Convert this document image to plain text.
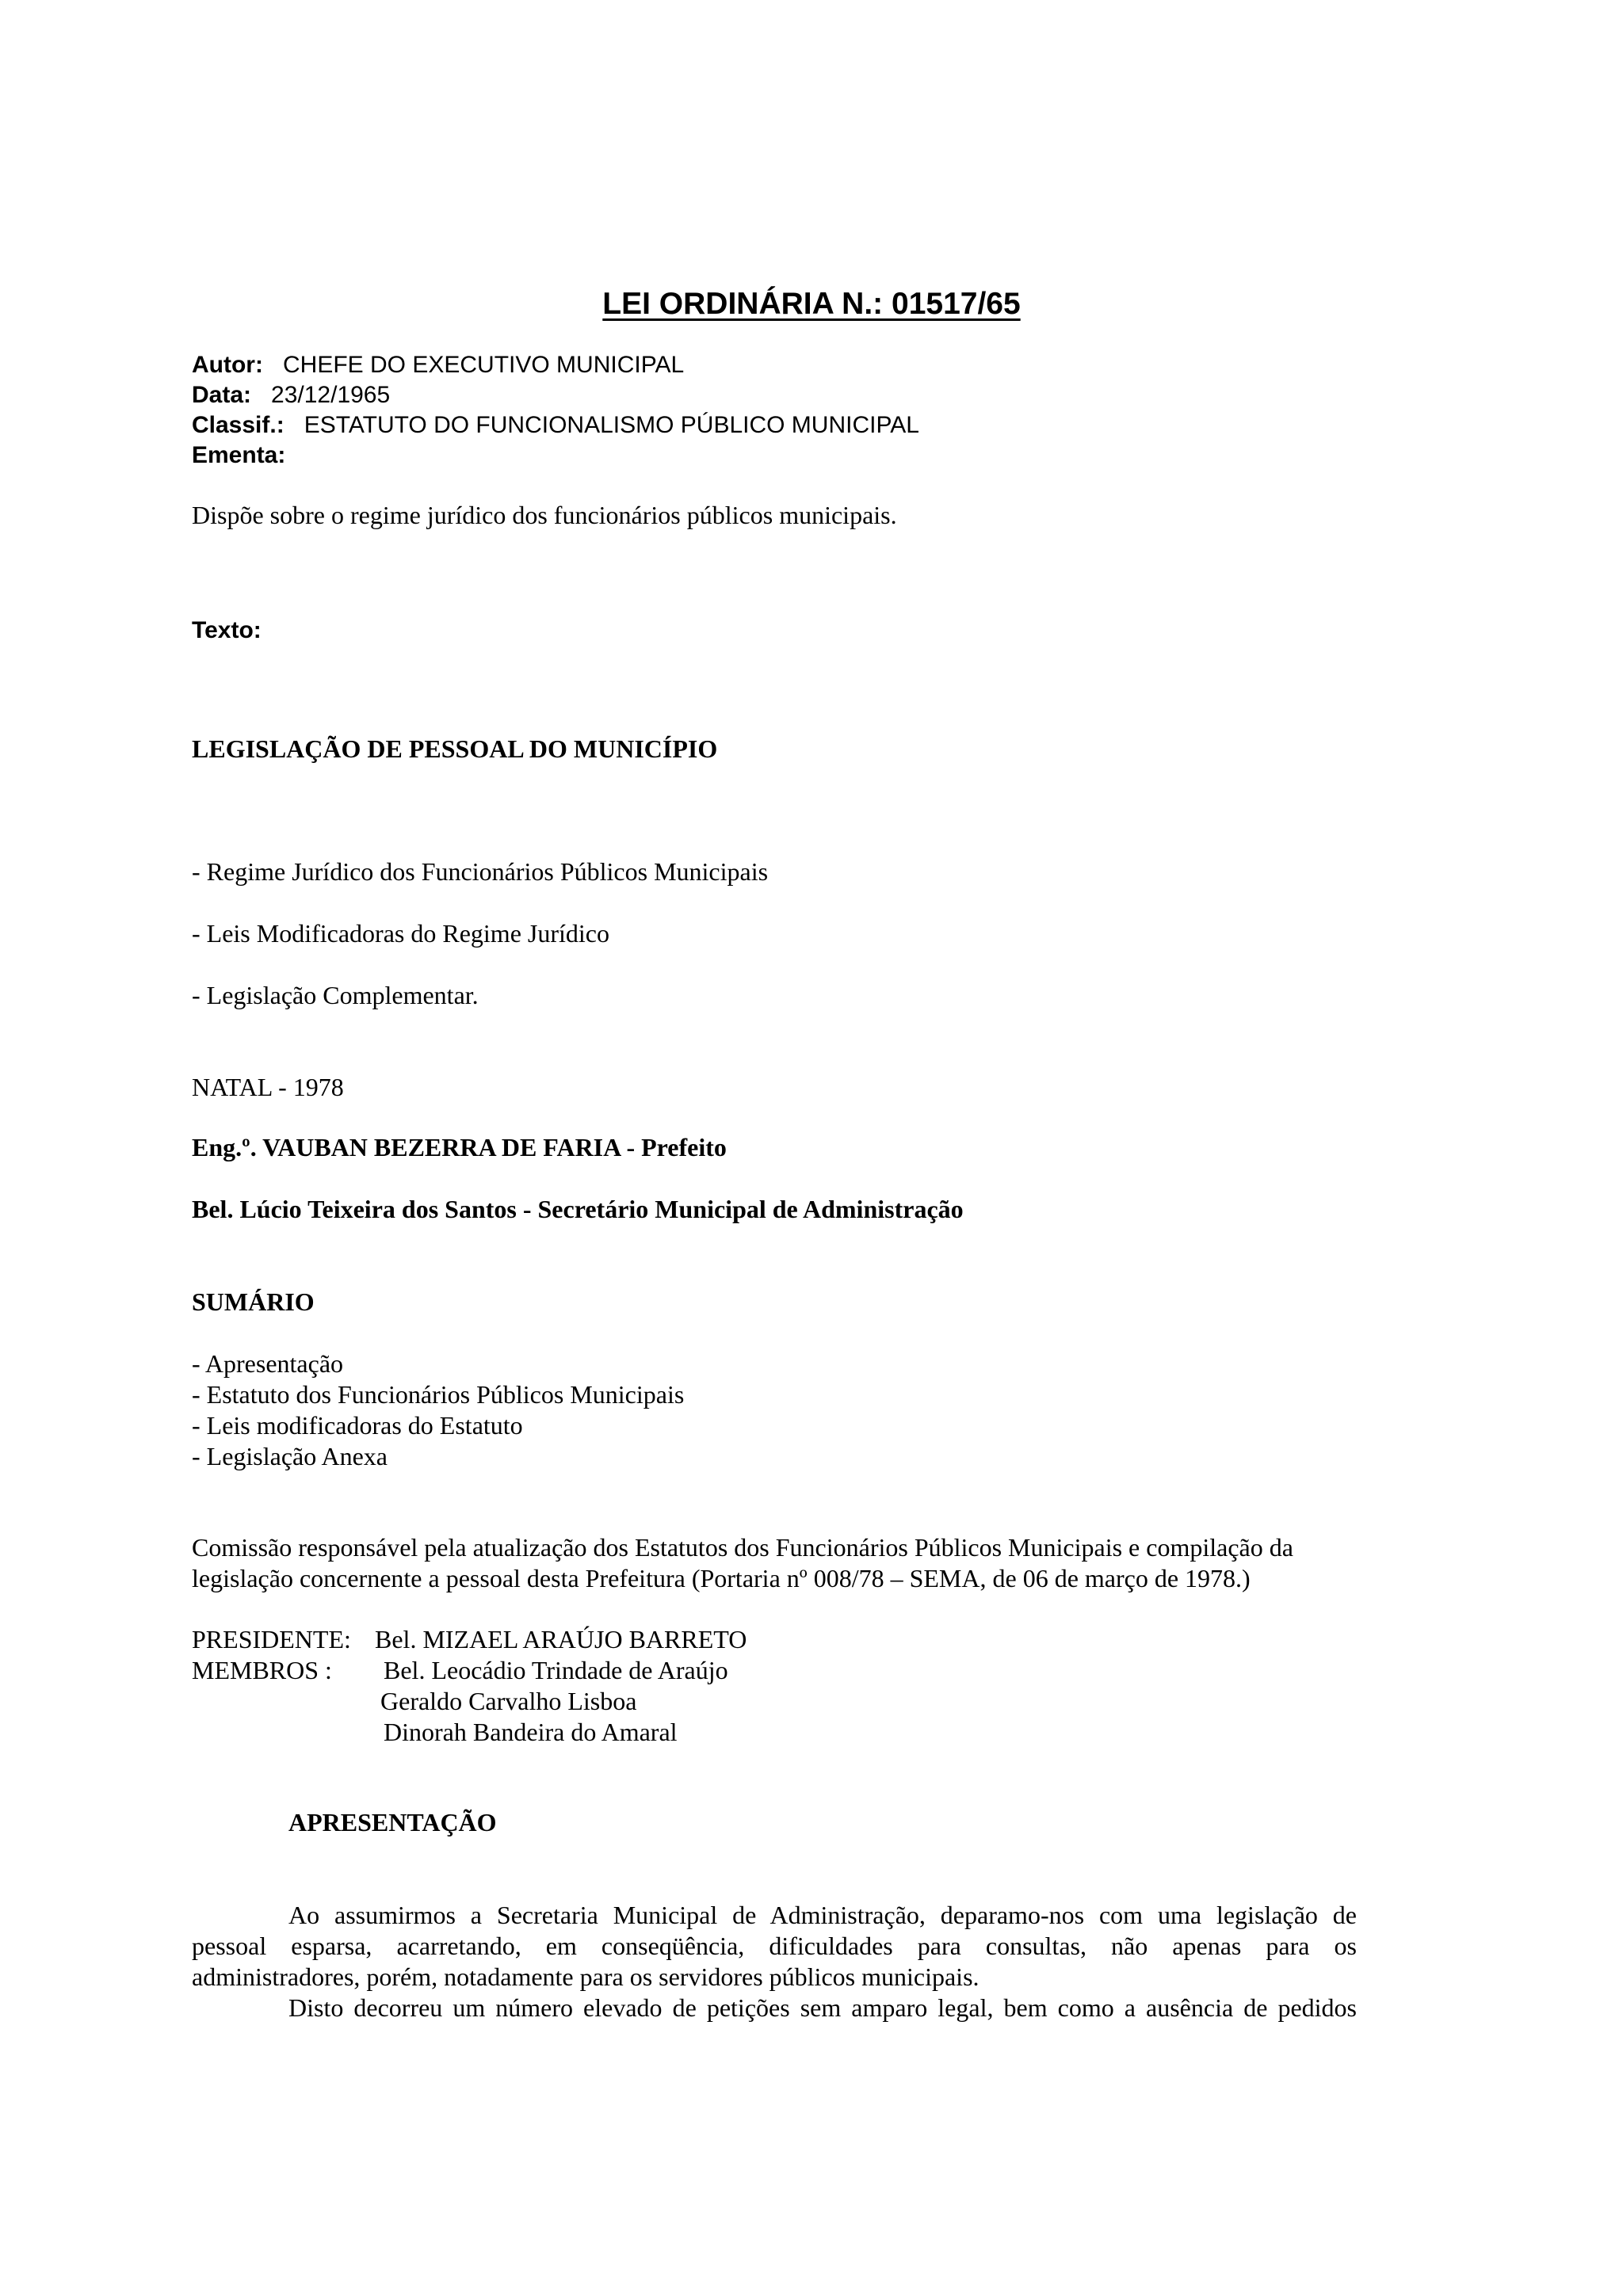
LEI ORDINÁRIA N.: 01517/65
Autor: CHEFE DO EXECUTIVO MUNICIPAL
Data: 23/12/1965
Classif.: ESTATUTO DO FUNCIONALISMO PÚBLICO MUNICIPAL
Ementa:
Dispõe sobre o regime jurídico dos funcionários públicos municipais.
Texto:
LEGISLAÇÃO DE PESSOAL DO MUNICÍPIO
- Regime Jurídico dos Funcionários Públicos Municipais
- Leis Modificadoras do Regime Jurídico
- Legislação Complementar.
NATAL - 1978
Eng.º. VAUBAN BEZERRA DE FARIA - Prefeito
Bel. Lúcio Teixeira dos Santos - Secretário Municipal de Administração
SUMÁRIO
- Apresentação
- Estatuto dos Funcionários Públicos Municipais
- Leis modificadoras do Estatuto
- Legislação Anexa
Comissão responsável pela atualização dos Estatutos dos Funcionários Públicos Municipais e compilação da
legislação concernente a pessoal desta Prefeitura (Portaria nº 008/78 – SEMA, de 06 de março de 1978.)
PRESIDENTE: Bel. MIZAEL ARAÚJO BARRETO
MEMBROS : Bel. Leocádio Trindade de Araújo
Geraldo Carvalho Lisboa
Dinorah Bandeira do Amaral
APRESENTAÇÃO
Ao assumirmos a Secretaria Municipal de Administração, deparamo-nos com uma legislação de
pessoal esparsa, acarretando, em conseqüência, dificuldades para consultas, não apenas para os
administradores, porém, notadamente para os servidores públicos municipais.
Disto decorreu um número elevado de petições sem amparo legal, bem como a ausência de pedidos
